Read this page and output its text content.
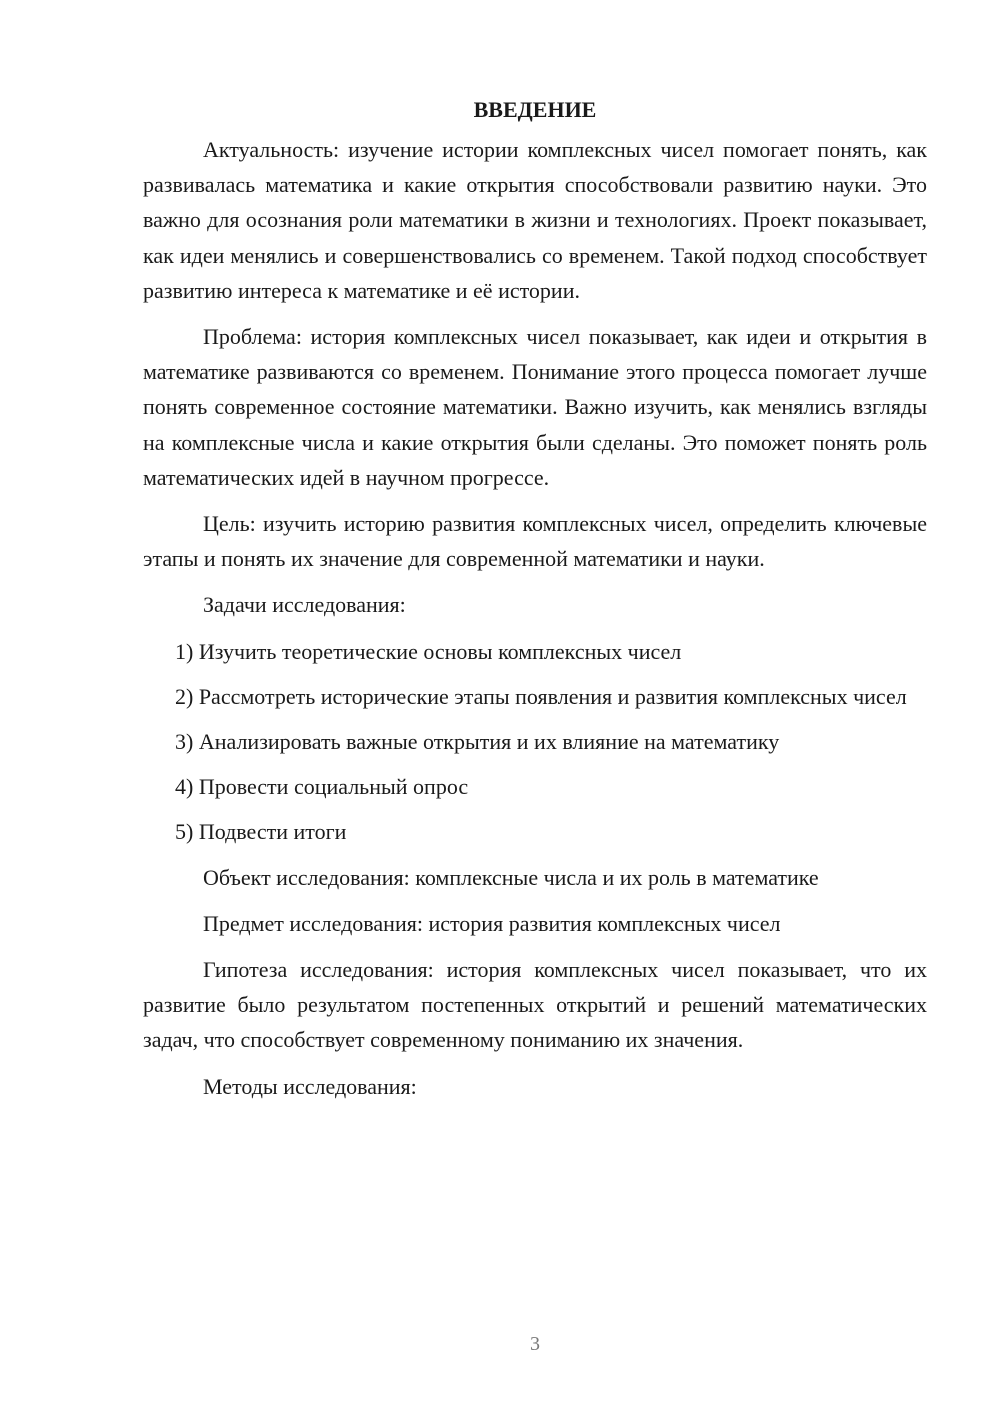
ВВЕДЕНИЕ

Актуальность: изучение истории комплексных чисел помогает понять, как развивалась математика и какие открытия способствовали развитию науки. Это важно для осознания роли математики в жизни и технологиях. Проект показывает, как идеи менялись и совершенствовались со временем. Такой подход способствует развитию интереса к математике и её истории.

Проблема: история комплексных чисел показывает, как идеи и открытия в математике развиваются со временем. Понимание этого процесса помогает лучше понять современное состояние математики. Важно изучить, как менялись взгляды на комплексные числа и какие открытия были сделаны. Это поможет понять роль математических идей в научном прогрессе.

Цель: изучить историю развития комплексных чисел, определить ключевые этапы и понять их значение для современной математики и науки.

Задачи исследования:

1) Изучить теоретические основы комплексных чисел

2) Рассмотреть исторические этапы появления и развития комплексных чисел

3) Анализировать важные открытия и их влияние на математику

4) Провести социальный опрос

5) Подвести итоги

Объект исследования: комплексные числа и их роль в математике

Предмет исследования: история развития комплексных чисел

Гипотеза исследования: история комплексных чисел показывает, что их развитие было результатом постепенных открытий и решений математических задач, что способствует современному пониманию их значения.

Методы исследования:

3
